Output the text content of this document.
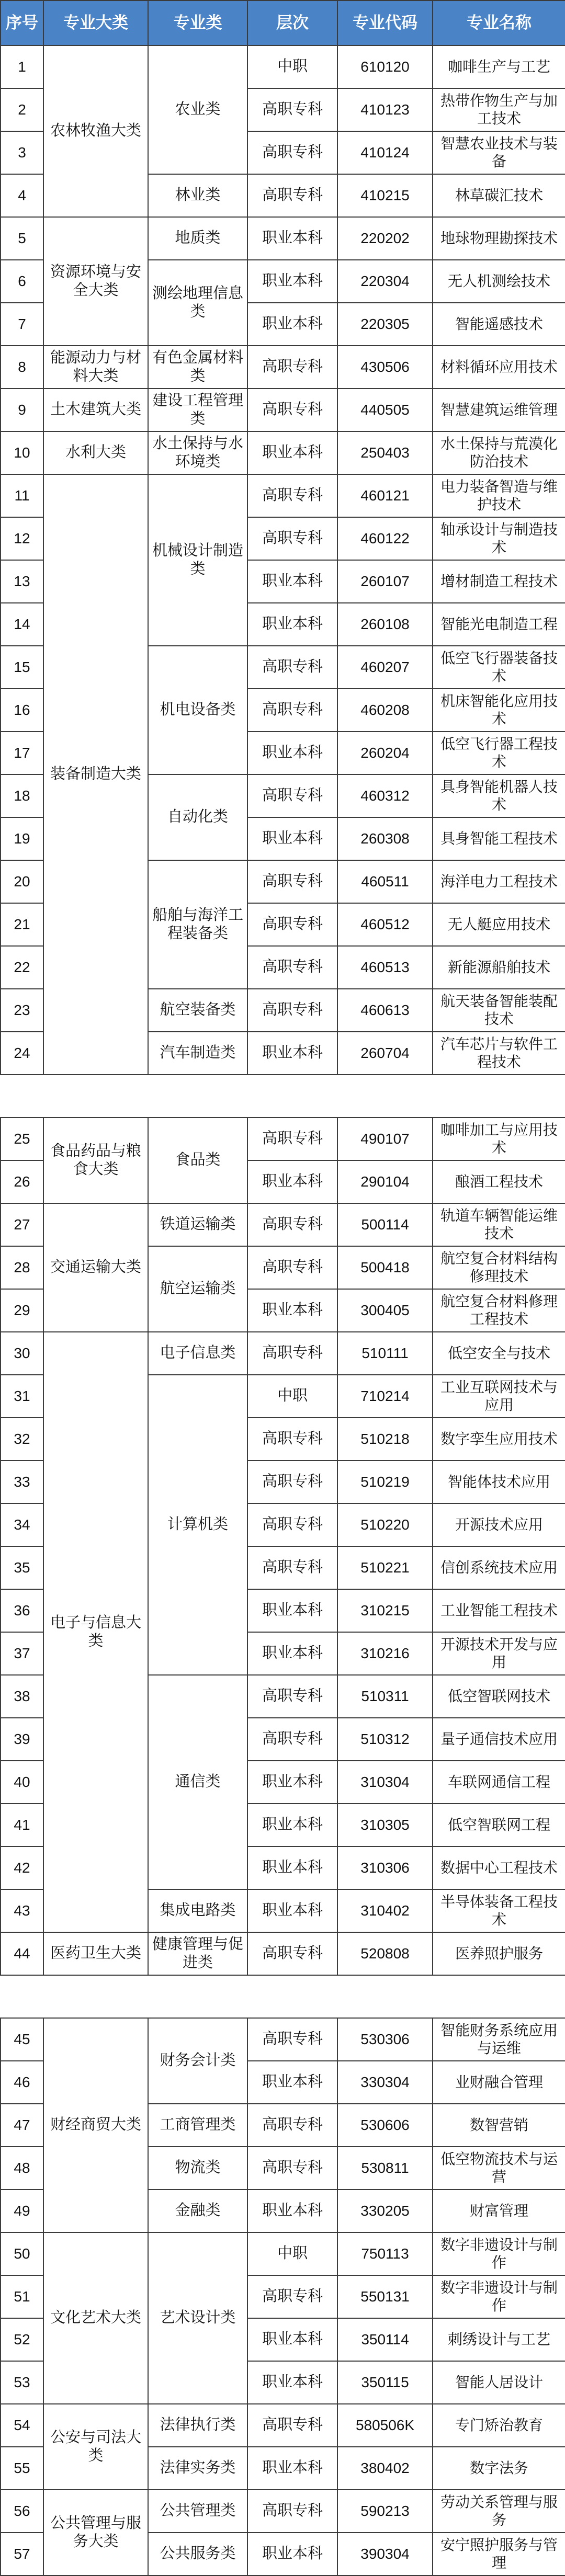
序号	专业大类	专业类	层次	专业代码	专业名称
1	农林牧渔大类	农业类	中职	610120	咖啡生产与工艺
2			高职专科	410123	热带作物生产与加工技术
3			高职专科	410124	智慧农业技术与装备
4		林业类	高职专科	410215	林草碳汇技术
5	资源环境与安全大类	地质类	职业本科	220202	地球物理勘探技术
6		测绘地理信息类	职业本科	220304	无人机测绘技术
7			职业本科	220305	智能遥感技术
8	能源动力与材料大类	有色金属材料类	高职专科	430506	材料循环应用技术
9	土木建筑大类	建设工程管理类	高职专科	440505	智慧建筑运维管理
10	水利大类	水土保持与水环境类	职业本科	250403	水土保持与荒漠化防治技术
11	装备制造大类	机械设计制造类	高职专科	460121	电力装备智造与维护技术
12			高职专科	460122	轴承设计与制造技术
13			职业本科	260107	增材制造工程技术
14			职业本科	260108	智能光电制造工程
15		机电设备类	高职专科	460207	低空飞行器装备技术
16			高职专科	460208	机床智能化应用技术
17			职业本科	260204	低空飞行器工程技术
18		自动化类	高职专科	460312	具身智能机器人技术
19			职业本科	260308	具身智能工程技术
20		船舶与海洋工程装备类	高职专科	460511	海洋电力工程技术
21			高职专科	460512	无人艇应用技术
22			高职专科	460513	新能源船舶技术
23		航空装备类	高职专科	460613	航天装备智能装配技术
24		汽车制造类	职业本科	260704	汽车芯片与软件工程技术

25	食品药品与粮食大类	食品类	高职专科	490107	咖啡加工与应用技术
26			职业本科	290104	酿酒工程技术
27	交通运输大类	铁道运输类	高职专科	500114	轨道车辆智能运维技术
28		航空运输类	高职专科	500418	航空复合材料结构修理技术
29			职业本科	300405	航空复合材料修理工程技术
30	电子与信息大类	电子信息类	高职专科	510111	低空安全与技术
31		计算机类	中职	710214	工业互联网技术与应用
32			高职专科	510218	数字孪生应用技术
33			高职专科	510219	智能体技术应用
34			高职专科	510220	开源技术应用
35			高职专科	510221	信创系统技术应用
36			职业本科	310215	工业智能工程技术
37			职业本科	310216	开源技术开发与应用
38		通信类	高职专科	510311	低空智联网技术
39			高职专科	510312	量子通信技术应用
40			职业本科	310304	车联网通信工程
41			职业本科	310305	低空智联网工程
42			职业本科	310306	数据中心工程技术
43		集成电路类	职业本科	310402	半导体装备工程技术
44	医药卫生大类	健康管理与促进类	高职专科	520808	医养照护服务

45	财经商贸大类	财务会计类	高职专科	530306	智能财务系统应用与运维
46			职业本科	330304	业财融合管理
47		工商管理类	高职专科	530606	数智营销
48		物流类	高职专科	530811	低空物流技术与运营
49		金融类	职业本科	330205	财富管理
50	文化艺术大类	艺术设计类	中职	750113	数字非遗设计与制作
51			高职专科	550131	数字非遗设计与制作
52			职业本科	350114	刺绣设计与工艺
53			职业本科	350115	智能人居设计
54	公安与司法大类	法律执行类	高职专科	580506K	专门矫治教育
55		法律实务类	职业本科	380402	数字法务
56	公共管理与服务大类	公共管理类	高职专科	590213	劳动关系管理与服务
57		公共服务类	职业本科	390304	安宁照护服务与管理
